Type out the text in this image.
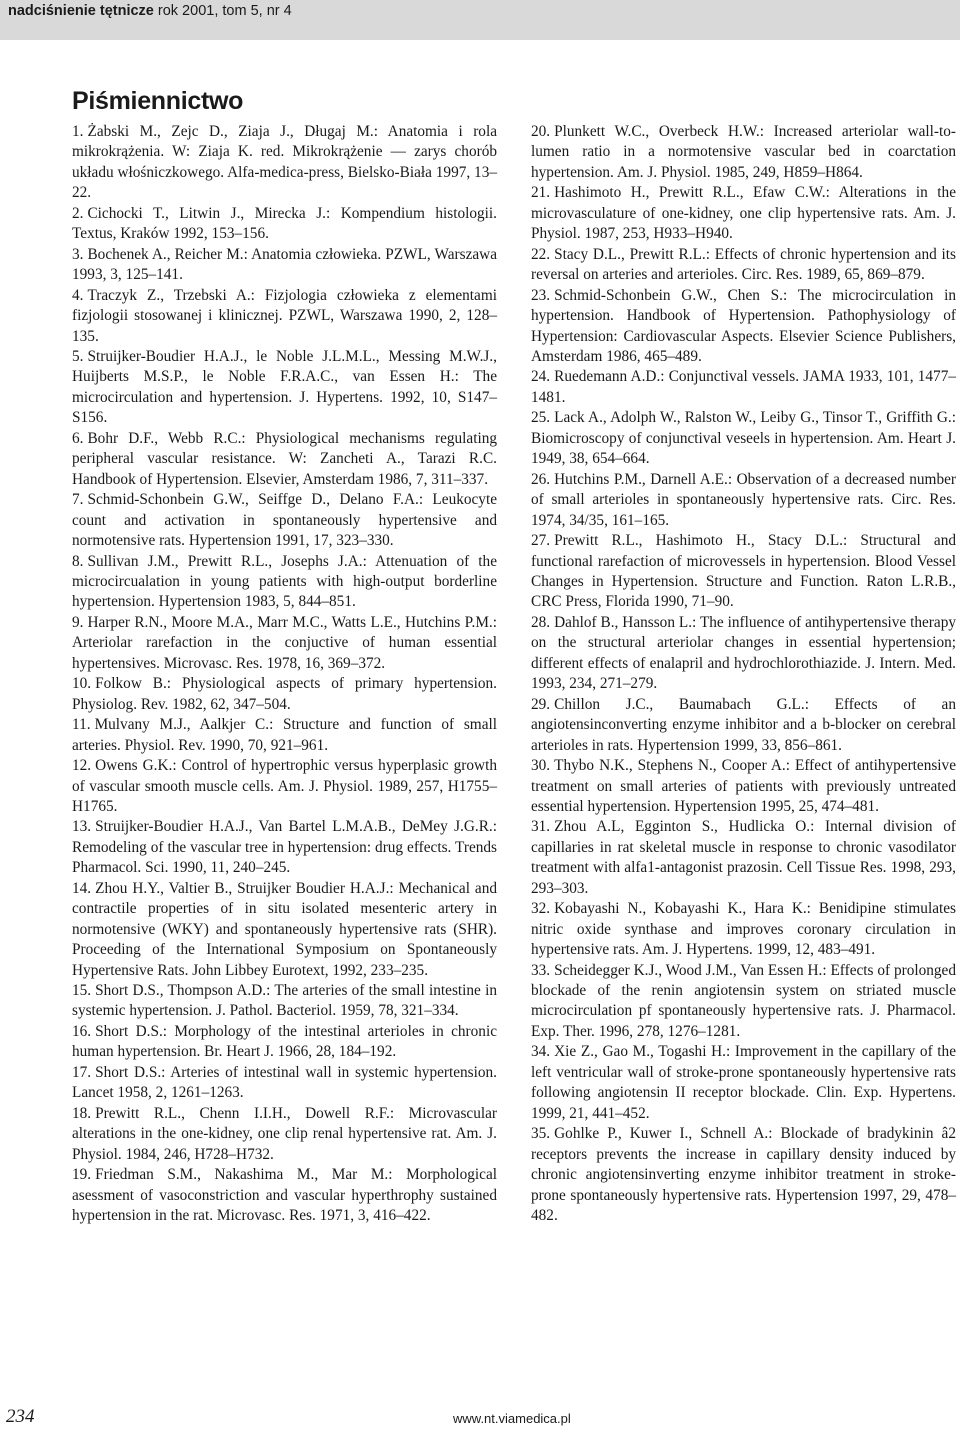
nadciśnienie tętnicze rok 2001, tom 5, nr 4
Piśmiennictwo

1. Żabski M., Zejc D., Ziaja J., Długaj M.: Anatomia i rola mikrokrążenia. W: Ziaja K. red. Mikrokrążenie — zarys chorób układu włośniczkowego. Alfa-medica-press, Bielsko-Biała 1997, 13–22.

2. Cichocki T., Litwin J., Mirecka J.: Kompendium histologii. Textus, Kraków 1992, 153–156.

3. Bochenek A., Reicher M.: Anatomia człowieka. PZWL, Warszawa 1993, 3, 125–141.

4. Traczyk Z., Trzebski A.: Fizjologia człowieka z elementami fizjologii stosowanej i klinicznej. PZWL, Warszawa 1990, 2, 128–135.

5. Struijker-Boudier H.A.J., le Noble J.L.M.L., Messing M.W.J., Huijberts M.S.P., le Noble F.R.A.C., van Essen H.: The microcirculation and hypertension. J. Hypertens. 1992, 10, S147–S156.

6. Bohr D.F., Webb R.C.: Physiological mechanisms regulating peripheral vascular resistance. W: Zancheti A., Tarazi R.C. Handbook of Hypertension. Elsevier, Amsterdam 1986, 7, 311–337.

7. Schmid-Schonbein G.W., Seiffge D., Delano F.A.: Leukocyte count and activation in spontaneously hypertensive and normotensive rats. Hypertension 1991, 17, 323–330.

8. Sullivan J.M., Prewitt R.L., Josephs J.A.: Attenuation of the microcircualation in young patients with high-output borderline hypertension. Hypertension 1983, 5, 844–851.

9. Harper R.N., Moore M.A., Marr M.C., Watts L.E., Hutchins P.M.: Arteriolar rarefaction in the conjuctive of human essential hypertensives. Microvasc. Res. 1978, 16, 369–372.

10. Folkow B.: Physiological aspects of primary hypertension. Physiolog. Rev. 1982, 62, 347–504.

11. Mulvany M.J., Aalkjer C.: Structure and function of small arteries. Physiol. Rev. 1990, 70, 921–961.

12. Owens G.K.: Control of hypertrophic versus hyperplasic growth of vascular smooth muscle cells. Am. J. Physiol. 1989, 257, H1755–H1765.

13. Struijker-Boudier H.A.J., Van Bartel L.M.A.B., DeMey J.G.R.: Remodeling of the vascular tree in hypertension: drug effects. Trends Pharmacol. Sci. 1990, 11, 240–245.

14. Zhou H.Y., Valtier B., Struijker Boudier H.A.J.: Mechanical and contractile properties of in situ isolated mesenteric artery in normotensive (WKY) and spontaneously hypertensive rats (SHR). Proceeding of the International Symposium on Spontaneously Hypertensive Rats. John Libbey Eurotext, 1992, 233–235.

15. Short D.S., Thompson A.D.: The arteries of the small intestine in systemic hypertension. J. Pathol. Bacteriol. 1959, 78, 321–334.

16. Short D.S.: Morphology of the intestinal arterioles in chronic human hypertension. Br. Heart J. 1966, 28, 184–192.

17. Short D.S.: Arteries of intestinal wall in systemic hypertension. Lancet 1958, 2, 1261–1263.

18. Prewitt R.L., Chenn I.I.H., Dowell R.F.: Microvascular alterations in the one-kidney, one clip renal hypertensive rat. Am. J. Physiol. 1984, 246, H728–H732.

19. Friedman S.M., Nakashima M., Mar M.: Morphological asessment of vasoconstriction and vascular hyperthrophy sustained hypertension in the rat. Microvasc. Res. 1971, 3, 416–422.

20. Plunkett W.C., Overbeck H.W.: Increased arteriolar wall-to- lumen ratio in a normotensive vascular bed in coarctation hypertension. Am. J. Physiol. 1985, 249, H859–H864.

21. Hashimoto H., Prewitt R.L., Efaw C.W.: Alterations in the microvasculature of one-kidney, one clip hypertensive rats. Am. J. Physiol. 1987, 253, H933–H940.

22. Stacy D.L., Prewitt R.L.: Effects of chronic hypertension and its reversal on arteries and arterioles. Circ. Res. 1989, 65, 869–879.

23. Schmid-Schonbein G.W., Chen S.: The microcirculation in hypertension. Handbook of Hypertension. Pathophysiology of Hypertension: Cardiovascular Aspects. Elsevier Science Publishers, Amsterdam 1986, 465–489.

24. Ruedemann A.D.: Conjunctival vessels. JAMA 1933, 101, 1477–1481.

25. Lack A., Adolph W., Ralston W., Leiby G., Tinsor T., Griffith G.: Biomicroscopy of conjunctival veseels in hypertension. Am. Heart J. 1949, 38, 654–664.

26. Hutchins P.M., Darnell A.E.: Observation of a decreased number of small arterioles in spontaneously hypertensive rats. Circ. Res. 1974, 34/35, 161–165.

27. Prewitt R.L., Hashimoto H., Stacy D.L.: Structural and functional rarefaction of microvessels in hypertension. Blood Vessel Changes in Hypertension. Structure and Function. Raton L.R.B., CRC Press, Florida 1990, 71–90.

28. Dahlof B., Hansson L.: The influence of antihypertensive therapy on the structural arteriolar changes in essential hypertension; different effects of enalapril and hydrochlorothiazide. J. Intern. Med. 1993, 234, 271–279.

29. Chillon J.C., Baumabach G.L.: Effects of an angiotensinconverting enzyme inhibitor and a b-blocker on cerebral arterioles in rats. Hypertension 1999, 33, 856–861.

30. Thybo N.K., Stephens N., Cooper A.: Effect of antihypertensive treatment on small arteries of patients with previously untreated essential hypertension. Hypertension 1995, 25, 474–481.

31. Zhou A.L, Egginton S., Hudlicka O.: Internal division of capillaries in rat skeletal muscle in response to chronic vasodilator treatment with alfa1-antagonist prazosin. Cell Tissue Res. 1998, 293, 293–303.

32. Kobayashi N., Kobayashi K., Hara K.: Benidipine stimulates nitric oxide synthase and improves coronary circulation in hypertensive rats. Am. J. Hypertens. 1999, 12, 483–491.

33. Scheidegger K.J., Wood J.M., Van Essen H.: Effects of prolonged blockade of the renin angiotensin system on striated muscle microcirculation pf spontaneously hypertensive rats. J. Pharmacol. Exp. Ther. 1996, 278, 1276–1281.

34. Xie Z., Gao M., Togashi H.: Improvement in the capillary of the left ventricular wall of stroke-prone spontaneously hypertensive rats following angiotensin II receptor blockade. Clin. Exp. Hypertens. 1999, 21, 441–452.

35. Gohlke P., Kuwer I., Schnell A.: Blockade of bradykinin â2 receptors prevents the increase in capillary density induced by chronic angiotensinverting enzyme inhibitor treatment in stroke-prone spontaneously hypertensive rats. Hypertension 1997, 29, 478–482.

234	www.nt.viamedica.pl
